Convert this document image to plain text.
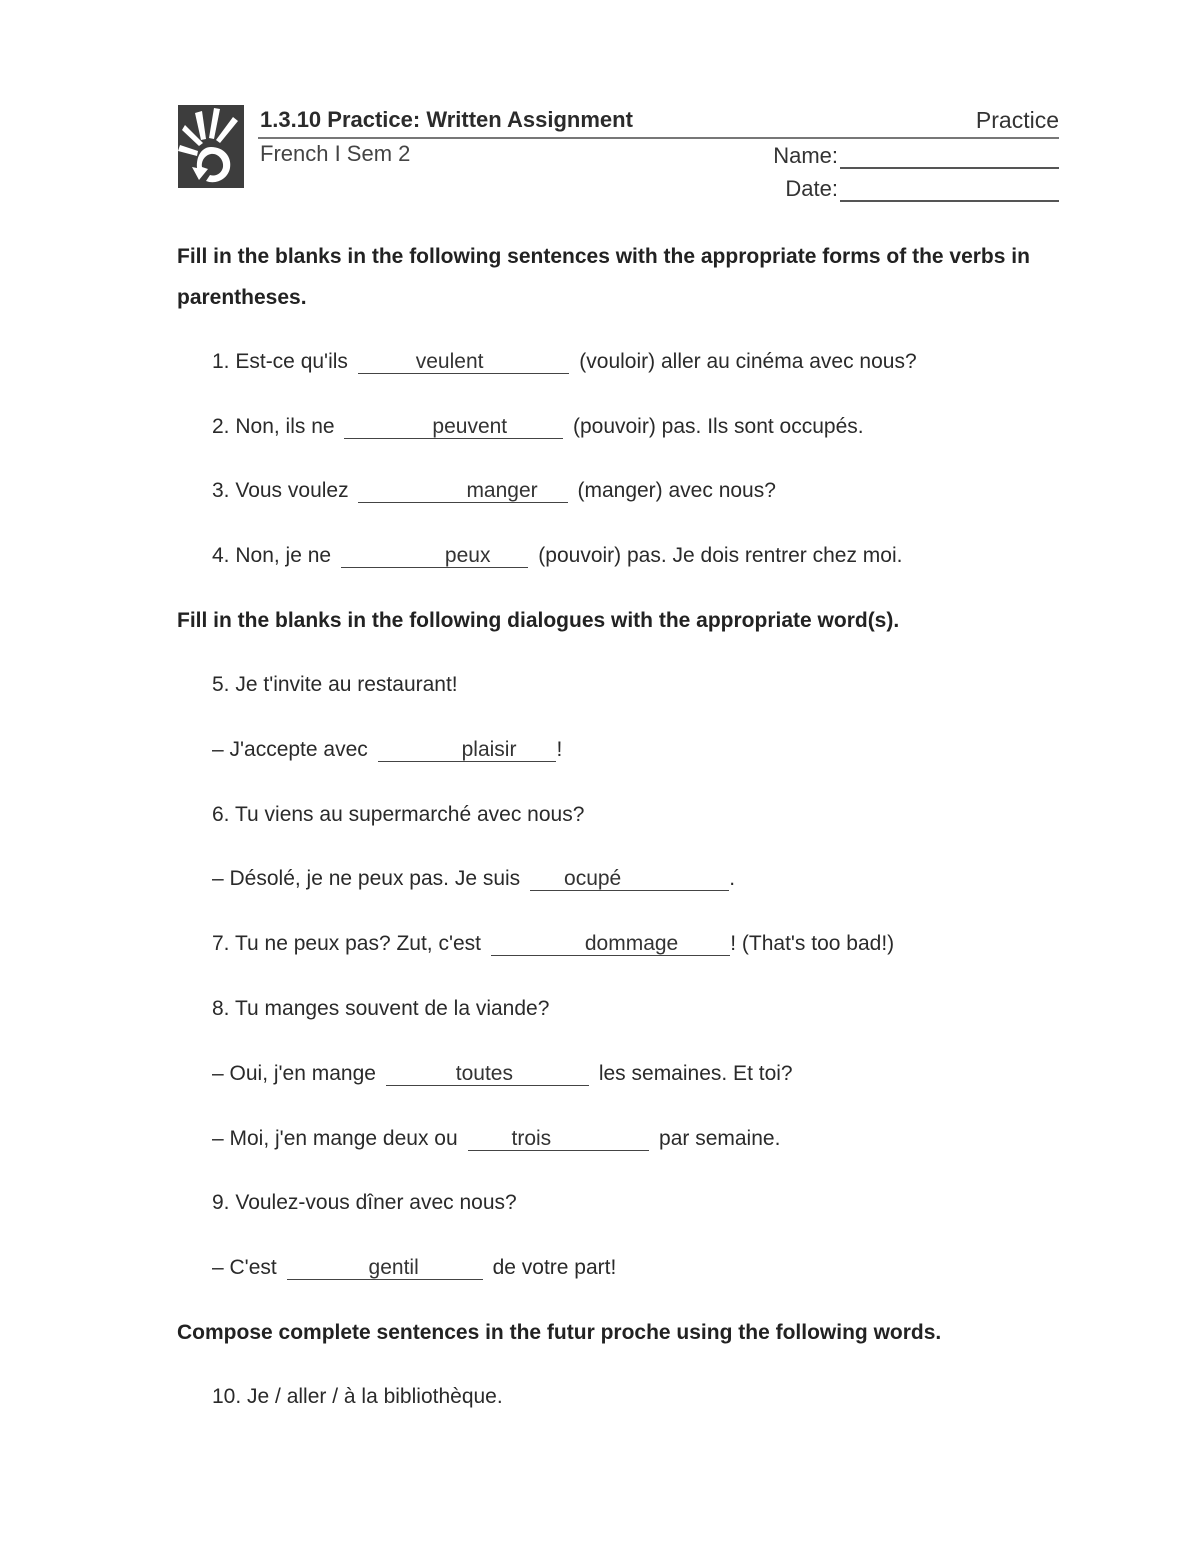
1.3.10 Practice: Written Assignment	Practice
French I Sem 2	Name:
Date:
Fill in the blanks in the following sentences with the appropriate forms of the verbs in parentheses.
1. Est-ce qu'ils	veulent	(vouloir) aller au cinéma avec nous?
2. Non, ils ne	peuvent	(pouvoir) pas. Ils sont occupés.
3. Vous voulez	manger (manger) avec nous?
4. Non, je ne	peux (pouvoir) pas. Je dois rentrer chez moi.
Fill in the blanks in the following dialogues with the appropriate word(s).
5. Je t'invite au restaurant!
– J'accepte avec	plaisir !
6. Tu viens au supermarché avec nous?
– Désolé, je ne peux pas. Je suis ocupé	.
7. Tu ne peux pas? Zut, c'est	dommage ! (That's too bad!)
8. Tu manges souvent de la viande?
– Oui, j'en mange	toutes	les semaines. Et toi?
– Moi, j'en mange deux ou trois	par semaine.
9. Voulez-vous dîner avec nous?
– C'est	gentil	de votre part!
Compose complete sentences in the futur proche using the following words.
10. Je / aller / à la bibliothèque.
